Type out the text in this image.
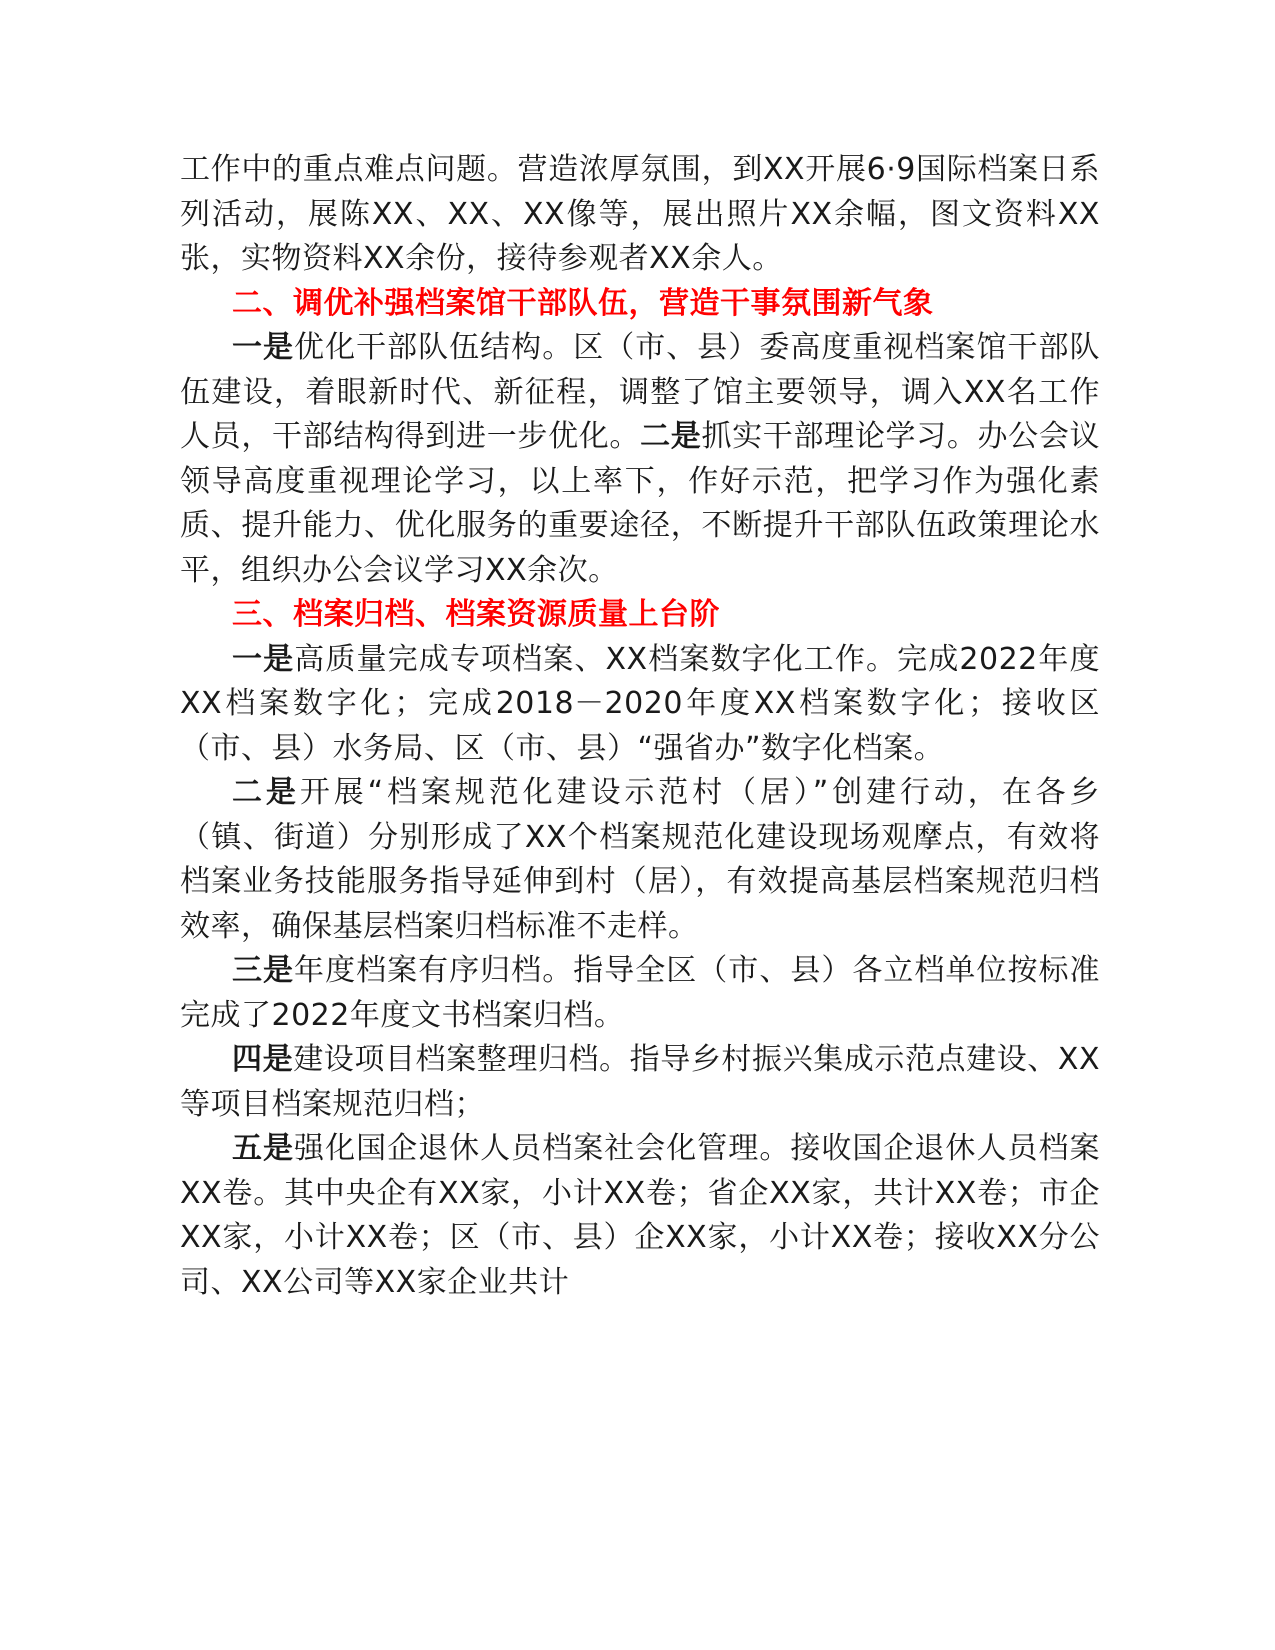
工作中的重点难点问题。营造浓厚氛围，到XX开展6·9国际档案日系列活动，展陈XX、XX、XX像等，展出照片XX余幅，图文资料XX张，实物资料XX余份，接待参观者XX余人。

二、调优补强档案馆干部队伍，营造干事氛围新气象

一是优化干部队伍结构。区（市、县）委高度重视档案馆干部队伍建设，着眼新时代、新征程，调整了馆主要领导，调入XX名工作人员，干部结构得到进一步优化。二是抓实干部理论学习。办公会议领导高度重视理论学习，以上率下，作好示范，把学习作为强化素质、提升能力、优化服务的重要途径，不断提升干部队伍政策理论水平，组织办公会议学习XX余次。

三、档案归档、档案资源质量上台阶

一是高质量完成专项档案、XX档案数字化工作。完成2022年度XX档案数字化；完成2018－2020年度XX档案数字化；接收区（市、县）水务局、区（市、县）“强省办”数字化档案。

二是开展“档案规范化建设示范村（居）”创建行动，在各乡（镇、街道）分别形成了XX个档案规范化建设现场观摩点，有效将档案业务技能服务指导延伸到村（居），有效提高基层档案规范归档效率，确保基层档案归档标准不走样。

三是年度档案有序归档。指导全区（市、县）各立档单位按标准完成了2022年度文书档案归档。

四是建设项目档案整理归档。指导乡村振兴集成示范点建设、XX等项目档案规范归档；

五是强化国企退休人员档案社会化管理。接收国企退休人员档案XX卷。其中央企有XX家，小计XX卷；省企XX家，共计XX卷；市企XX家，小计XX卷；区（市、县）企XX家，小计XX卷；接收XX分公司、XX公司等XX家企业共计
